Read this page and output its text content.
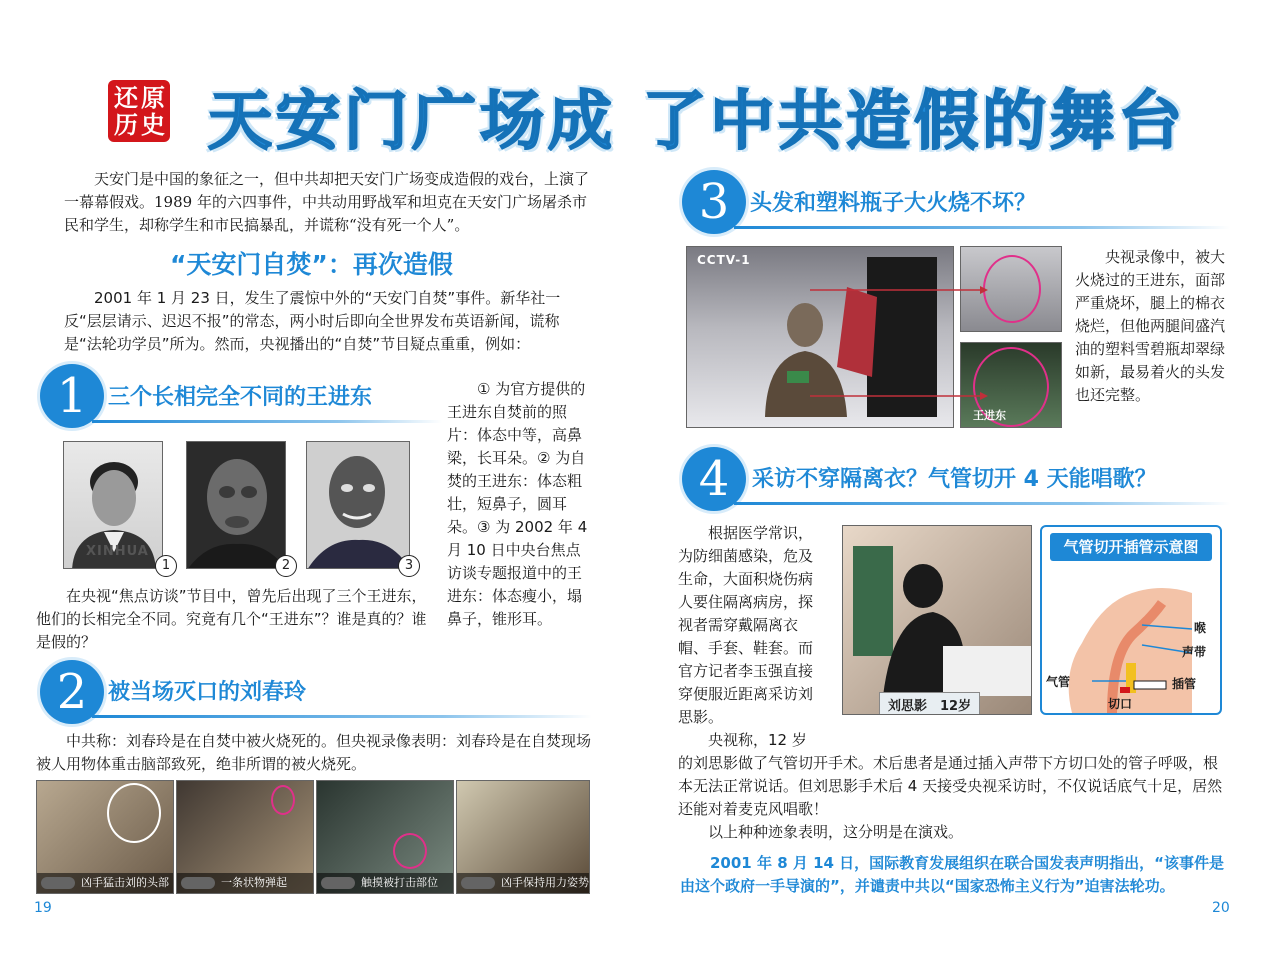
还 原
历 史 天安门广场成 了中共造假的舞台
天安门是中国的象征之一，但中共却把天安门广场变成造假的戏台，上演了一幕幕假戏。1989 年的六四事件，中共动用野战军和坦克在天安门广场屠杀市民和学生，却称学生和市民搞暴乱，并谎称“没有死一个人”。
“天安门自焚”：再次造假
2001 年 1 月 23 日，发生了震惊中外的“天安门自焚”事件。新华社一反“层层请示、迟迟不报”的常态，两小时后即向全世界发布英语新闻，谎称是“法轮功学员”所为。然而，央视播出的“自焚”节目疑点重重，例如：
1 三个长相完全不同的王进东
XINHUA
1	2	3
① 为官方提供的王进东自焚前的照片：体态中等，高鼻梁，长耳朵。② 为自焚的王进东：体态粗壮，短鼻子，圆耳朵。③ 为 2002 年 4 月 10 日中央台焦点访谈专题报道中的王进东：体态瘦小，塌鼻子，锥形耳。
在央视“焦点访谈”节目中，曾先后出现了三个王进东，他们的长相完全不同。究竟有几个“王进东”？谁是真的？谁是假的？
2 被当场灭口的刘春玲
中共称：刘春玲是在自焚中被火烧死的。但央视录像表明：刘春玲是在自焚现场被人用物体重击脑部致死，绝非所谓的被火烧死。
凶手猛击刘的头部	一条状物弹起	触摸被打击部位	凶手保持用力姿势
19
3 头发和塑料瓶子大火烧不坏？
CCTV-1
王进东
央视录像中，被大火烧过的王进东，面部严重烧坏，腿上的棉衣烧烂，但他两腿间盛汽油的塑料雪碧瓶却翠绿如新，最易着火的头发也还完整。
4	采访不穿隔离衣？气管切开 4 天能唱歌？
根据医学常识，为防细菌感染，危及生命，大面积烧伤病人要住隔离病房，探视者需穿戴隔离衣帽、手套、鞋套。而官方记者李玉强直接穿便服近距离采访刘思影。
央视称，12 岁
刘思影　12岁
气管切开插管示意图
喉
声带
气管	插管
切口
的刘思影做了气管切开手术。术后患者是通过插入声带下方切口处的管子呼吸，根本无法正常说话。但刘思影手术后 4 天接受央视采访时，不仅说话底气十足，居然还能对着麦克风唱歌！
以上种种迹象表明，这分明是在演戏。
2001 年 8 月 14 日，国际教育发展组织在联合国发表声明指出，“该事件是由这个政府一手导演的”，并谴责中共以“国家恐怖主义行为”迫害法轮功。
20
